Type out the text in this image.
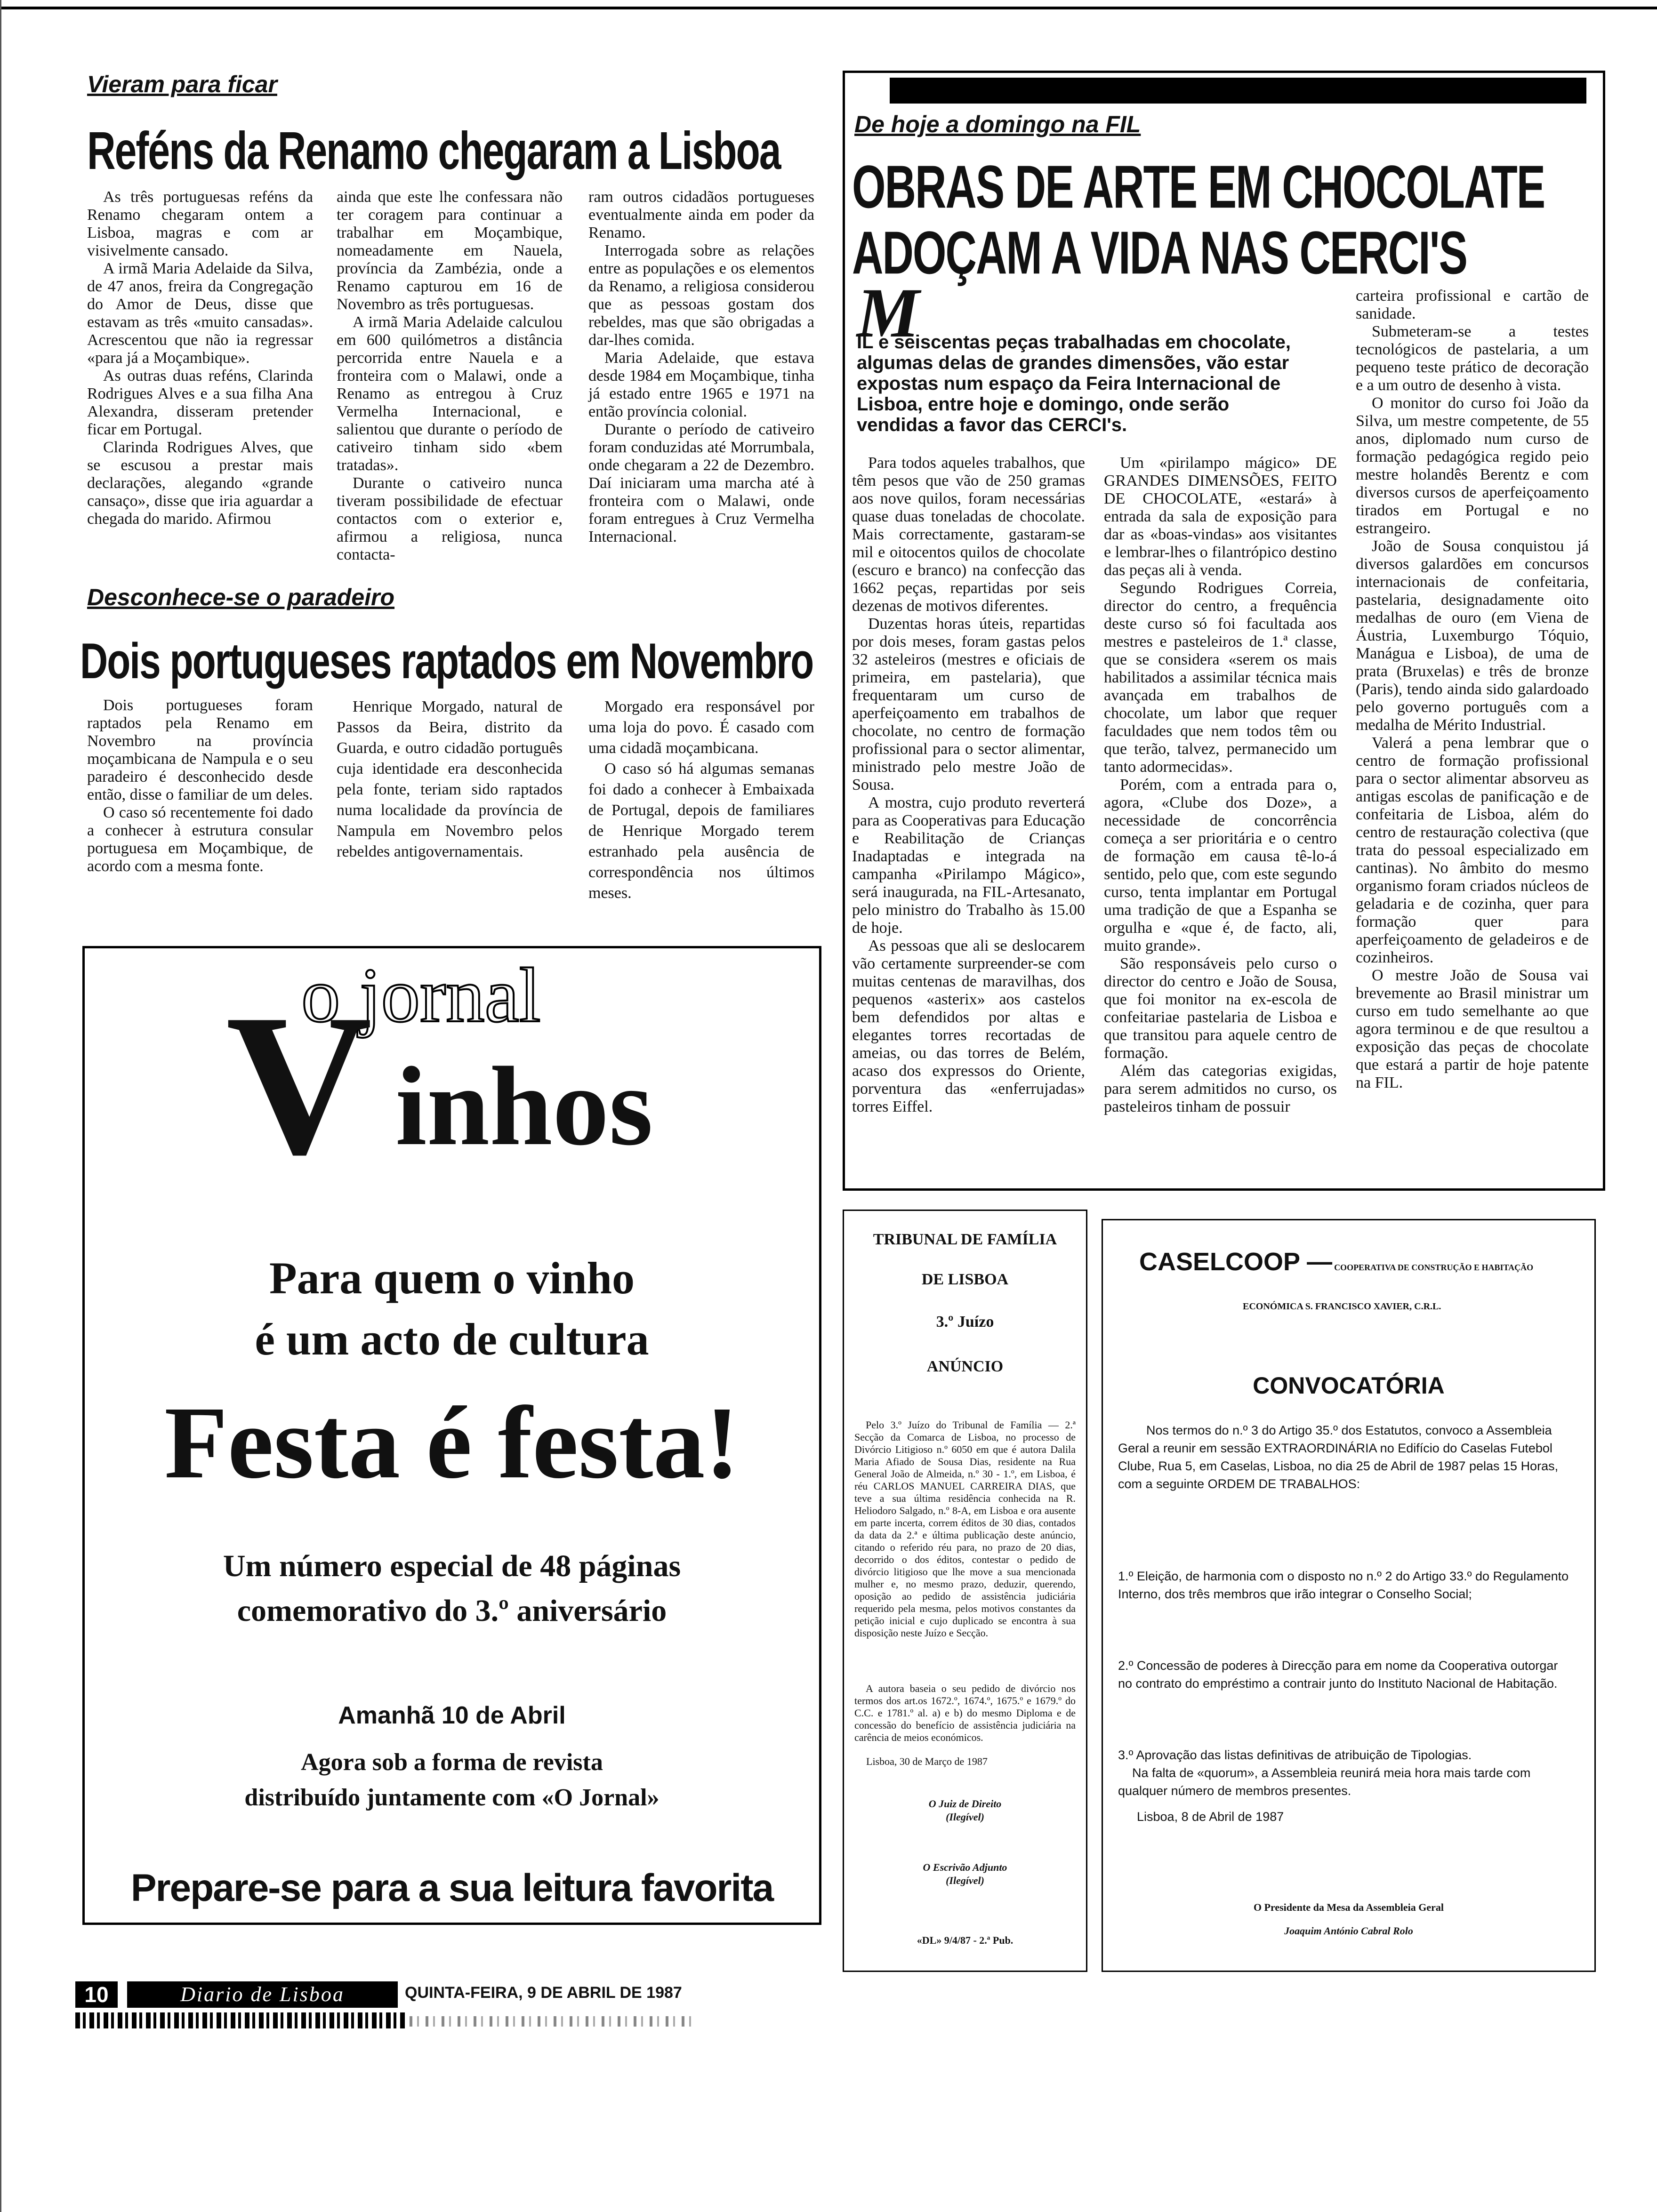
Vieram para ficar
Reféns da Renamo chegaram a Lisboa

As três portuguesas reféns da Renamo chegaram ontem a Lisboa, magras e com ar visivelmente cansado.

A irmã Maria Adelaide da Silva, de 47 anos, freira da Congregação do Amor de Deus, disse que estavam as três «muito cansadas». Acrescentou que não ia regressar «para já a Moçambique».

As outras duas reféns, Clarinda Rodrigues Alves e a sua filha Ana Alexandra, disseram pretender ficar em Portugal.

Clarinda Rodrigues Alves, que se escusou a prestar mais declarações, alegando «grande cansaço», disse que iria aguardar a chegada do marido. Afirmou

ainda que este lhe confessara não ter coragem para continuar a trabalhar em Moçambique, nomeadamente em Nauela, província da Zambézia, onde a Renamo capturou em 16 de Novembro as três portuguesas.

A irmã Maria Adelaide calculou em 600 quilómetros a distância percorrida entre Nauela e a fronteira com o Malawi, onde a Renamo as entregou à Cruz Vermelha Internacional, e salientou que durante o período de cativeiro tinham sido «bem tratadas».

Durante o cativeiro nunca tiveram possibilidade de efectuar contactos com o exterior e, afirmou a religiosa, nunca contacta-

ram outros cidadãos portugueses eventualmente ainda em poder da Renamo.

Interrogada sobre as relações entre as populações e os elementos da Renamo, a religiosa considerou que as pessoas gostam dos rebeldes, mas que são obrigadas a dar-lhes comida.

Maria Adelaide, que estava desde 1984 em Moçambique, tinha já estado entre 1965 e 1971 na então província colonial.

Durante o período de cativeiro foram conduzidas até Morrumbala, onde chegaram a 22 de Dezembro. Daí iniciaram uma marcha até à fronteira com o Malawi, onde foram entregues à Cruz Vermelha Internacional.

Desconhece-se o paradeiro
Dois portugueses raptados em Novembro

Dois portugueses foram raptados pela Renamo em Novembro na província moçambicana de Nampula e o seu paradeiro é desconhecido desde então, disse o familiar de um deles.

O caso só recentemente foi dado a conhecer à estrutura consular portuguesa em Moçambique, de acordo com a mesma fonte.

Henrique Morgado, natural de Passos da Beira, distrito da Guarda, e outro cidadão português cuja identidade era desconhecida pela fonte, teriam sido raptados numa localidade da província de Nampula em Novembro pelos rebeldes antigovernamentais.

Morgado era responsável por uma loja do povo. É casado com uma cidadã moçambicana.

O caso só há algumas semanas foi dado a conhecer à Embaixada de Portugal, depois de familiares de Henrique Morgado terem estranhado pela ausência de correspondência nos últimos meses.

De hoje a domingo na FIL
OBRAS DE ARTE EM CHOCOLATE
ADOÇAM A VIDA NAS CERCI'S
M
IL e seiscentas peças trabalhadas em chocolate, algumas delas de grandes dimensões, vão estar expostas num espaço da Feira Internacional de Lisboa, entre hoje e domingo, onde serão vendidas a favor das CERCI's.

Para todos aqueles trabalhos, que têm pesos que vão de 250 gramas aos nove quilos, foram necessárias quase duas toneladas de chocolate. Mais correctamente, gastaram-se mil e oitocentos quilos de chocolate (escuro e branco) na confecção das 1662 peças, repartidas por seis dezenas de motivos diferentes.

Duzentas horas úteis, repartidas por dois meses, foram gastas pelos 32 asteleiros (mestres e oficiais de primeira, em pastelaria), que frequentaram um curso de aperfeiçoamento em trabalhos de chocolate, no centro de formação profissional para o sector alimentar, ministrado pelo mestre João de Sousa.

A mostra, cujo produto reverterá para as Cooperativas para Educação e Reabilitação de Crianças Inadaptadas e integrada na campanha «Pirilampo Mágico», será inaugurada, na FIL-Artesanato, pelo ministro do Trabalho às 15.00 de hoje.

As pessoas que ali se deslocarem vão certamente surpreender-se com muitas centenas de maravilhas, dos pequenos «asterix» aos castelos bem defendidos por altas e elegantes torres recortadas de ameias, ou das torres de Belém, acaso dos expressos do Oriente, porventura das «enferrujadas» torres Eiffel.

Um «pirilampo mágico» DE GRANDES DIMENSÕES, FEITO DE CHOCOLATE, «estará» à entrada da sala de exposição para dar as «boas-vindas» aos visitantes e lembrar-lhes o filantrópico destino das peças ali à venda.

Segundo Rodrigues Correia, director do centro, a frequência deste curso só foi facultada aos mestres e pasteleiros de 1.ª classe, que se considera «serem os mais habilitados a assimilar técnica mais avançada em trabalhos de chocolate, um labor que requer faculdades que nem todos têm ou que terão, talvez, permanecido um tanto adormecidas».

Porém, com a entrada para o, agora, «Clube dos Doze», a necessidade de concorrência começa a ser prioritária e o centro de formação em causa tê-lo-á sentido, pelo que, com este segundo curso, tenta implantar em Portugal uma tradição de que a Espanha se orgulha e «que é, de facto, ali, muito grande».

São responsáveis pelo curso o director do centro e João de Sousa, que foi monitor na ex-escola de confeitariae pastelaria de Lisboa e que transitou para aquele centro de formação.

Além das categorias exigidas, para serem admitidos no curso, os pasteleiros tinham de possuir

carteira profissional e cartão de sanidade.

Submeteram-se a testes tecnológicos de pastelaria, a um pequeno teste prático de decoração e a um outro de desenho à vista.

O monitor do curso foi João da Silva, um mestre competente, de 55 anos, diplomado num curso de formação pedagógica regido peio mestre holandês Berentz e com diversos cursos de aperfeiçoamento tirados em Portugal e no estrangeiro.

João de Sousa conquistou já diversos galardões em concursos internacionais de confeitaria, pastelaria, designadamente oito medalhas de ouro (em Viena de Áustria, Luxemburgo Tóquio, Manágua e Lisboa), de uma de prata (Bruxelas) e três de bronze (Paris), tendo ainda sido galardoado pelo governo português com a medalha de Mérito Industrial.

Valerá a pena lembrar que o centro de formação profissional para o sector alimentar absorveu as antigas escolas de panificação e de confeitaria de Lisboa, além do centro de restauração colectiva (que trata do pessoal especializado em cantinas). No âmbito do mesmo organismo foram criados núcleos de geladaria e de cozinha, quer para formação quer para aperfeiçoamento de geladeiros e de cozinheiros.

O mestre João de Sousa vai brevemente ao Brasil ministrar um curso em tudo semelhante ao que agora terminou e de que resultou a exposição das peças de chocolate que estará a partir de hoje patente na FIL.

o jornal
V inhos
Para quem o vinho
é um acto de cultura
Festa é festa!
Um número especial de 48 páginas
comemorativo do 3.º aniversário
Amanhã 10 de Abril
Agora sob a forma de revista
distribuído juntamente com «O Jornal»
Prepare-se para a sua leitura favorita
TRIBUNAL DE FAMÍLIA
DE LISBOA
3.º Juízo
ANÚNCIO
Pelo 3.º Juízo do Tribunal de Família — 2.ª Secção da Comarca de Lisboa, no processo de Divórcio Litigioso n.º 6050 em que é autora Dalila Maria Afiado de Sousa Dias, residente na Rua General João de Almeida, n.º 30 - 1.º, em Lisboa, é réu CARLOS MANUEL CARREIRA DIAS, que teve a sua última residência conhecida na R. Heliodoro Salgado, n.º 8-A, em Lisboa e ora ausente em parte incerta, correm éditos de 30 dias, contados da data da 2.ª e última publicação deste anúncio, citando o referido réu para, no prazo de 20 dias, decorrido o dos éditos, contestar o pedido de divórcio litigioso que lhe move a sua mencionada mulher e, no mesmo prazo, deduzir, querendo, oposição ao pedido de assistência judiciária requerido pela mesma, pelos motivos constantes da petição inicial e cujo duplicado se encontra à sua disposição neste Juízo e Secção.
A autora baseia o seu pedido de divórcio nos termos dos art.os 1672.º, 1674.º, 1675.º e 1679.º do C.C. e 1781.º al. a) e b) do mesmo Diploma e de concessão do benefício de assistência judiciária na carência de meios económicos.
Lisboa, 30 de Março de 1987
O Juiz de Direito
(Ilegível)
O Escrivão Adjunto
(Ilegível)
«DL» 9/4/87 - 2.ª Pub.
CASELCOOP — COOPERATIVA DE CONSTRUÇÃO E HABITAÇÃO
ECONÓMICA S. FRANCISCO XAVIER, C.R.L.
CONVOCATÓRIA
Nos termos do n.º 3 do Artigo 35.º dos Estatutos, convoco a Assembleia Geral a reunir em sessão EXTRAORDINÁRIA no Edifício do Caselas Futebol Clube, Rua 5, em Caselas, Lisboa, no dia 25 de Abril de 1987 pelas 15 Horas, com a seguinte ORDEM DE TRABALHOS:
1.º Eleição, de harmonia com o disposto no n.º 2 do Artigo 33.º do Regulamento Interno, dos três membros que irão integrar o Conselho Social;
2.º Concessão de poderes à Direcção para em nome da Cooperativa outorgar no contrato do empréstimo a contrair junto do Instituto Nacional de Habitação.
3.º Aprovação das listas definitivas de atribuição de Tipologias.
Na falta de «quorum», a Assembleia reunirá meia hora mais tarde com qualquer número de membros presentes.
Lisboa, 8 de Abril de 1987
O Presidente da Mesa da Assembleia Geral
Joaquim António Cabral Rolo
10	Diario de Lisboa	QUINTA-FEIRA, 9 DE ABRIL DE 1987
